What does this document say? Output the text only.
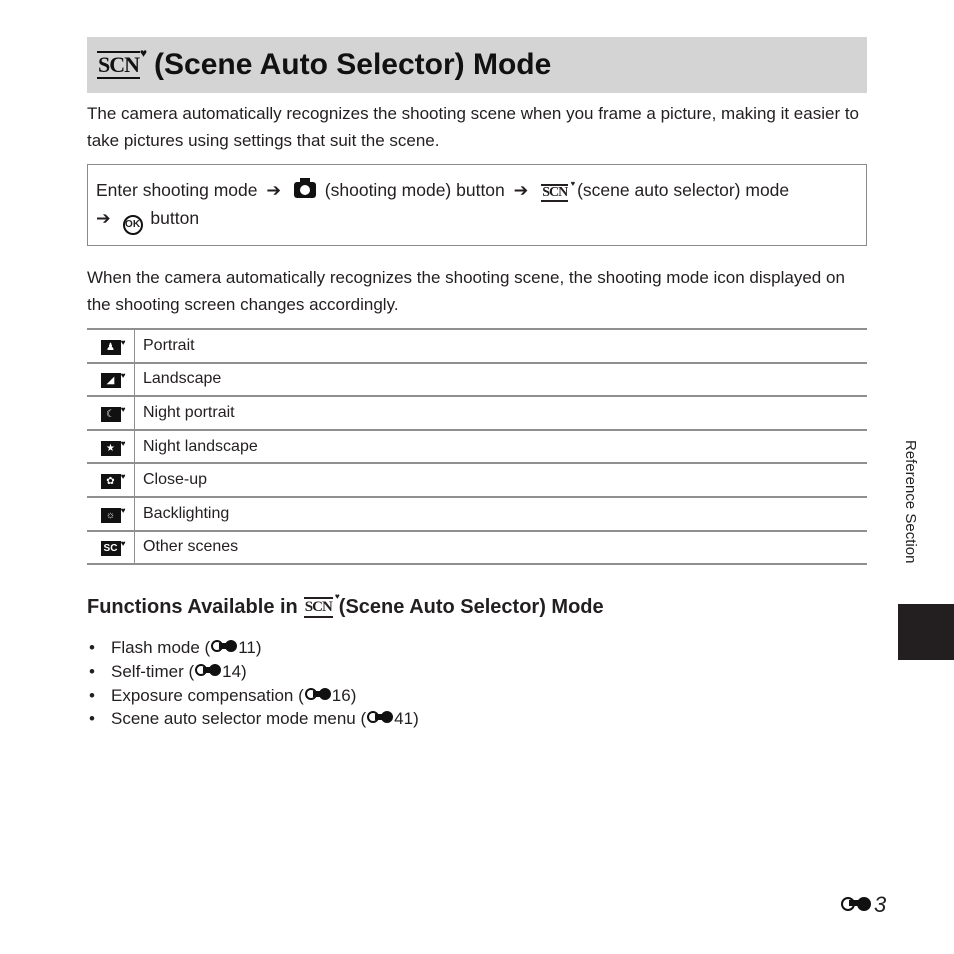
SCN ♥ (Scene Auto Selector) Mode

The camera automatically recognizes the shooting scene when you frame a picture, making it easier to take pictures using settings that suit the scene.

Enter shooting mode ➔	(shooting mode) button ➔ SCN
♥ (scene auto selector) mode
➔ OK button

When the camera automatically recognizes the shooting scene, the shooting mode icon displayed on the shooting screen changes accordingly.

♟ ♥	Portrait
◢ ♥	Landscape
☾ ♥	Night portrait
★ ♥	Night landscape
✿ ♥	Close-up
☼ ♥	Backlighting
SC ♥	Other scenes
Functions Available in SCN
♥ (Scene Auto Selector) Mode
• Flash mode ( 11)
• Self-timer ( 14)
• Exposure compensation ( 16)
• Scene auto selector mode menu ( 41)
Reference Section
3
